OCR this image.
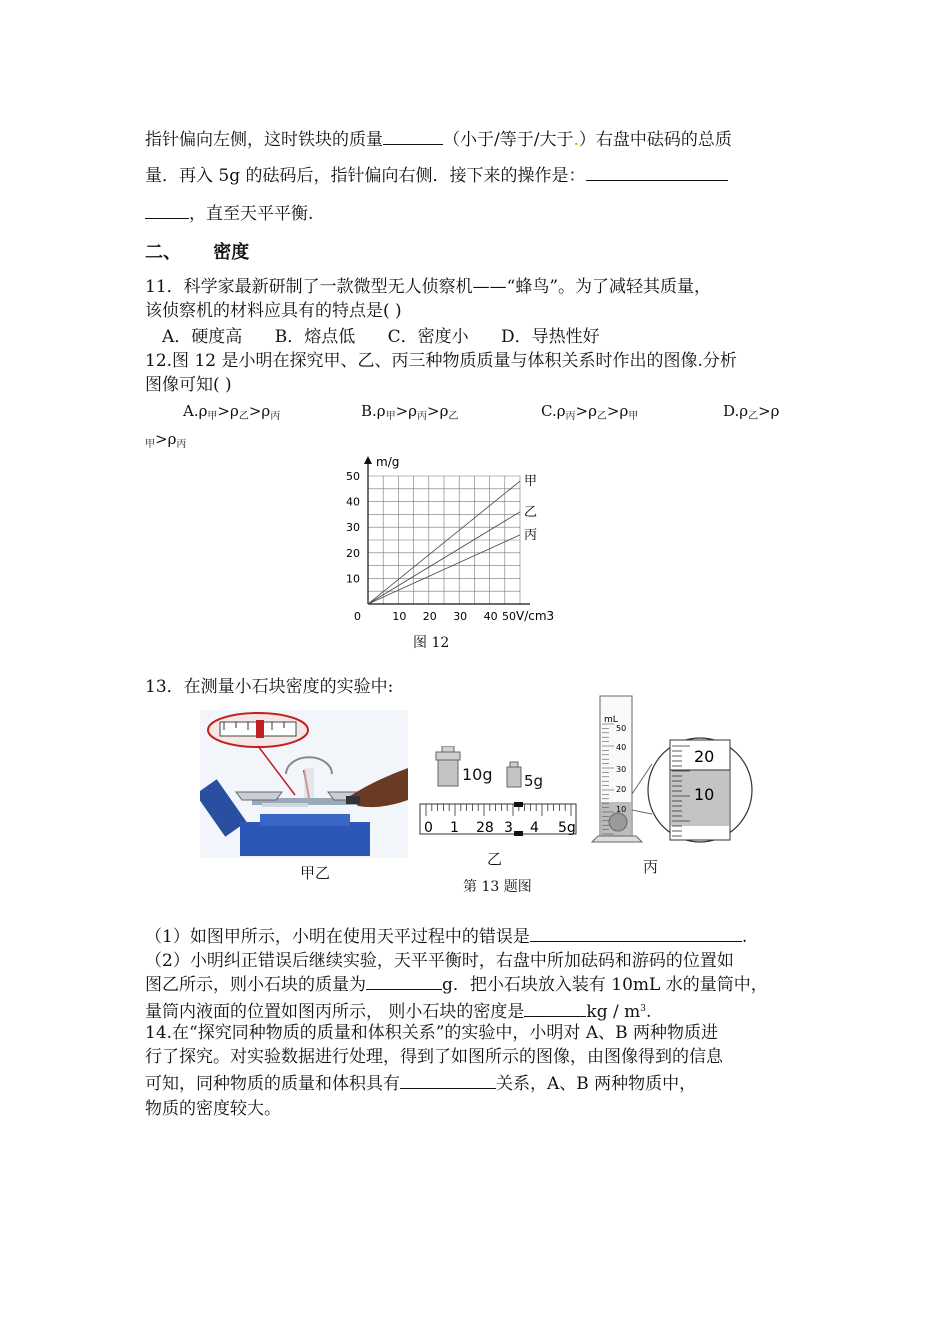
指针偏向左侧，这时铁块的质量	（小于/等于/大于.）右盘中砝码的总质
量．再入 5g 的砝码后，指针偏向右侧．接下来的操作是：
，直至天平平衡.
二、 密度
11．科学家最新研制了一款微型无人侦察机——“蜂鸟”。为了减轻其质量，
该侦察机的材料应具有的特点是( )
A．硬度高      B．熔点低      C．密度小      D．导热性好
12.图 12 是小明在探究甲、乙、丙三种物质质量与体积关系时作出的图像.分析
图像可知( )
$A.\rho_甲>\rho_乙>\rho_丙$	$B.\rho_甲>\rho_丙>\rho_乙$	$C.\rho_丙>\rho_乙>\rho_甲$	$D.\rho_乙>\rho$
$_甲>\rho_丙$
m/g
V/cm3
甲
乙
丙
0	10 20 30 40 50
10
20
30
40
50
图 12
13．在测量小石块密度的实验中:
10g 5g
0 1 28 3 4 5g
mL
50
40
30
20
10
20
10
甲乙
乙	丙
第 13 题图
（1）如图甲所示，小明在使用天平过程中的错误是	.
（2）小明纠正错误后继续实验，天平平衡时，右盘中所加砝码和游码的位置如
图乙所示，则小石块的质量为	g．把小石块放入装有 10mL 水的量筒中，
量筒内液面的位置如图丙所示， 则小石块的密度是	kg / $m^3$.
14.在“探究同种物质的质量和体积关系”的实验中，小明对 A、B 两种物质进
行了探究。对实验数据进行处理，得到了如图所示的图像，由图像得到的信息
可知，同种物质的质量和体积具有	关系，A、B 两种物质中，
物质的密度较大。
